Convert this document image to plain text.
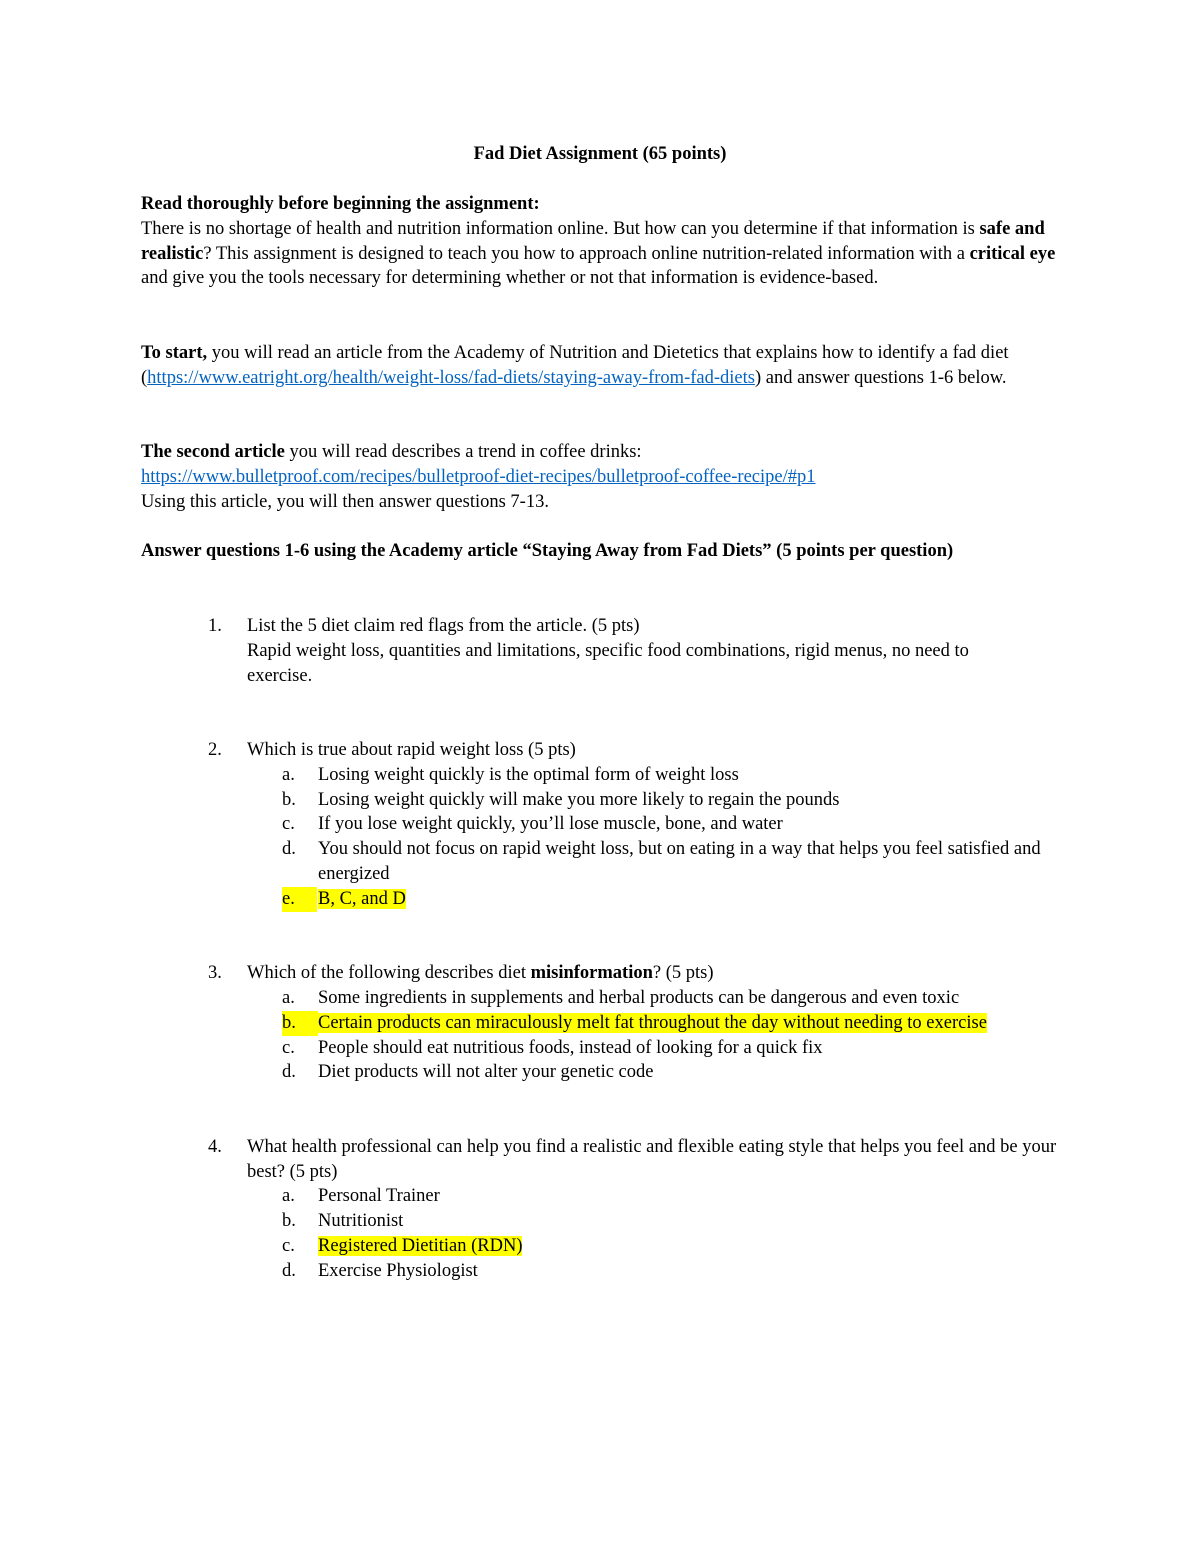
Fad Diet Assignment (65 points)
Read thoroughly before beginning the assignment:
There is no shortage of health and nutrition information online. But how can you determine if that information is safe and realistic? This assignment is designed to teach you how to approach online nutrition-related information with a critical eye and give you the tools necessary for determining whether or not that information is evidence-based.
To start, you will read an article from the Academy of Nutrition and Dietetics that explains how to identify a fad diet (https://www.eatright.org/health/weight-loss/fad-diets/staying-away-from-fad-diets) and answer questions 1-6 below.
The second article you will read describes a trend in coffee drinks:
https://www.bulletproof.com/recipes/bulletproof-diet-recipes/bulletproof-coffee-recipe/#p1
Using this article, you will then answer questions 7-13.
Answer questions 1-6 using the Academy article “Staying Away from Fad Diets” (5 points per question)
1.	List the 5 diet claim red flags from the article. (5 pts)
Rapid weight loss, quantities and limitations, specific food combinations, rigid menus, no need to exercise.
2.	Which is true about rapid weight loss (5 pts)
a.	Losing weight quickly is the optimal form of weight loss
b.	Losing weight quickly will make you more likely to regain the pounds
c.	If you lose weight quickly, you’ll lose muscle, bone, and water
d.	You should not focus on rapid weight loss, but on eating in a way that helps you feel satisfied and energized
e.	B, C, and D
3.	Which of the following describes diet misinformation? (5 pts)
a.	Some ingredients in supplements and herbal products can be dangerous and even toxic
b.	Certain products can miraculously melt fat throughout the day without needing to exercise
c.	People should eat nutritious foods, instead of looking for a quick fix
d.	Diet products will not alter your genetic code
4.	What health professional can help you find a realistic and flexible eating style that helps you feel and be your best? (5 pts)
a.	Personal Trainer
b.	Nutritionist
c.	Registered Dietitian (RDN)
d.	Exercise Physiologist
